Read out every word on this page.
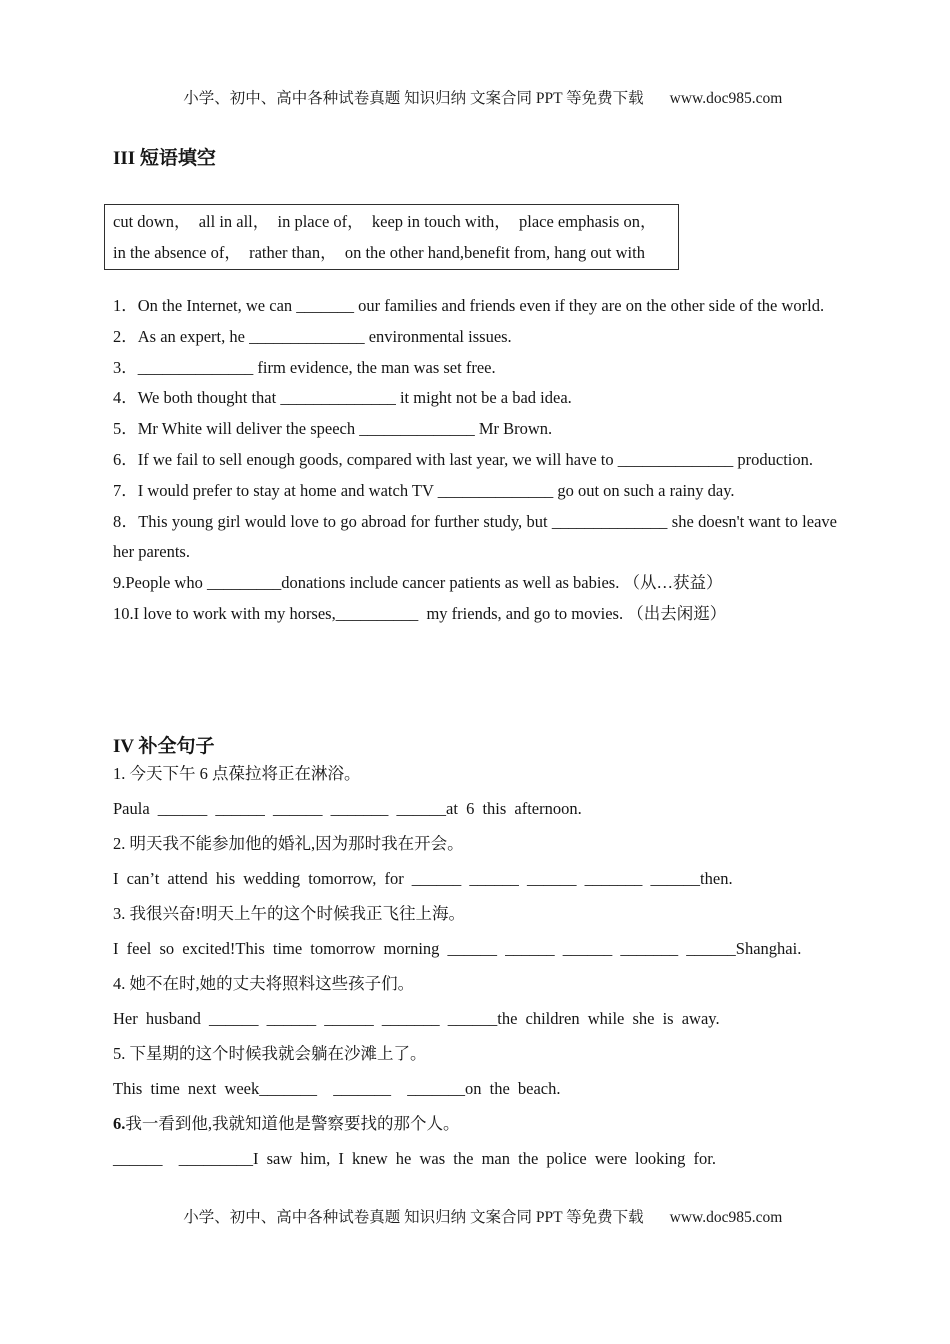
小学、初中、高中各种试卷真题 知识归纳 文案合同 PPT 等免费下载 www.doc985.com

III 短语填空

cut down，  all in all，  in place of，  keep in touch with，  place emphasis on，

in the absence of，  rather than，  on the other hand,benefit from, hang out with

1．On the Internet, we can _______ our families and friends even if they are on the other side of the world.

2．As an expert, he ______________ environmental issues.

3．______________ firm evidence, the man was set free.

4．We both thought that ______________ it might not be a bad idea.

5．Mr White will deliver the speech ______________ Mr Brown.

6．If we fail to sell enough goods, compared with last year, we will have to ______________ production.

7．I would prefer to stay at home and watch TV ______________ go out on such a rainy day.

8．This young girl would love to go abroad for further study, but ______________ she doesn't want to leave her parents.

9.People who _________donations include cancer patients as well as babies. （从…获益）

10.I love to work with my horses,__________  my friends, and go to movies. （出去闲逛）

IV 补全句子

1. 今天下午 6 点葆拉将正在淋浴。

Paula ______ ______ ______ _______ ______at 6 this afternoon.

2. 明天我不能参加他的婚礼,因为那时我在开会。

I can’t attend his wedding tomorrow, for ______ ______ ______ _______ ______then.

3. 我很兴奋!明天上午的这个时候我正飞往上海。

I feel so excited!This time tomorrow morning ______ ______ ______ _______ ______Shanghai.

4. 她不在时,她的丈夫将照料这些孩子们。

Her husband ______ ______ ______ _______ ______the children while she is away.

5. 下星期的这个时候我就会躺在沙滩上了。

This time next week_______  _______  _______on the beach.

6.我一看到他,我就知道他是警察要找的那个人。

______  _________I saw him, I knew he was the man the police were looking for.

小学、初中、高中各种试卷真题 知识归纳 文案合同 PPT 等免费下载 www.doc985.com
